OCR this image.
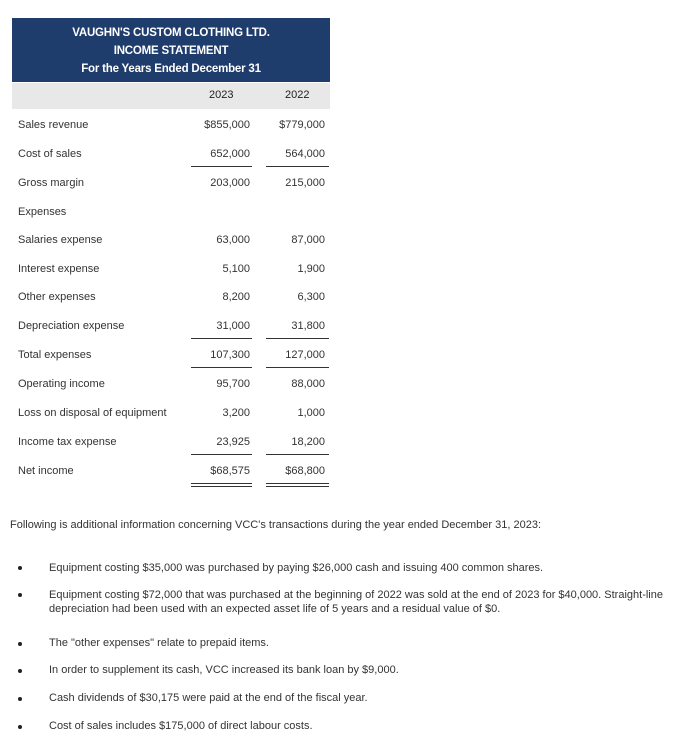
VAUGHN'S CUSTOM CLOTHING LTD.
INCOME STATEMENT
For the Years Ended December 31
2023	2022
Sales revenue	$855,000	$779,000
Cost of sales	652,000	564,000
Gross margin	203,000	215,000
Expenses
Salaries expense	63,000	87,000
Interest expense	5,100	1,900
Other expenses	8,200	6,300
Depreciation expense	31,000	31,800
Total expenses	107,300	127,000
Operating income	95,700	88,000
Loss on disposal of equipment	3,200	1,000
Income tax expense	23,925	18,200
Net income	$68,575	$68,800
Following is additional information concerning VCC's transactions during the year ended December 31, 2023:
Equipment costing $35,000 was purchased by paying $26,000 cash and issuing 400 common shares.
Equipment costing $72,000 that was purchased at the beginning of 2022 was sold at the end of 2023 for $40,000. Straight-line depreciation had been used with an expected asset life of 5 years and a residual value of $0.
The "other expenses" relate to prepaid items.
In order to supplement its cash, VCC increased its bank loan by $9,000.
Cash dividends of $30,175 were paid at the end of the fiscal year.
Cost of sales includes $175,000 of direct labour costs.
